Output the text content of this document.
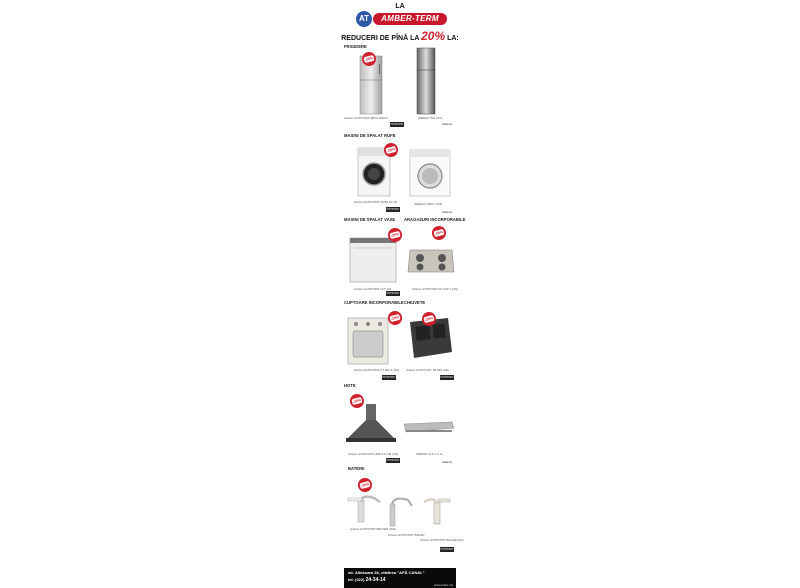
LA
AT	AMBER-TERM
REDUCERI DE PÎNĂ LA 20% LA:
FRIGIDERE
-20%
Ariston HOTPOINT E8G2 2020 F	INDESIT BIA 18 S
HOTPOINT ARISTON
indesit
MASINI DE SPALAT RUFE
-20%
Ariston HOTPOINT AQ83 FD 29	INDESIT IWDC 7105
HOTPOINT ARISTON
indesit
MASINI DE SPALAT VASE ARAGAZURI INCORPORABILE
-20%
Ariston HOTPOINT LFT 116
-20%
Ariston HOTPOINT PC 640 T (AN)
HOTPOINT ARISTON
CUPTOARE INCORPORABILE CHIUVETE
-20%
Ariston HOTPOINT FT 820.1 (AN)
-20%
Ariston HOTPOINT 1B 820 (AN)
HOTPOINT ARISTON
HOTPOINT ARISTON
HOTE
-20%
Ariston HOTPOINT HRP 6.5 CM (AN)	INDESIT H 6 1 C IX
HOTPOINT ARISTON
indesit
BATERII
-20%
Ariston HOTPOINT BEKTEP (WH)
Ariston HOTPOINT BAKEP
Ariston HOTPOINT BAGER (AV)
HOTPOINT ARISTON
str. Albisoara 38, clădirea "APĂ CANAL"
tel: (022) 24-34-14
www.amber.md
